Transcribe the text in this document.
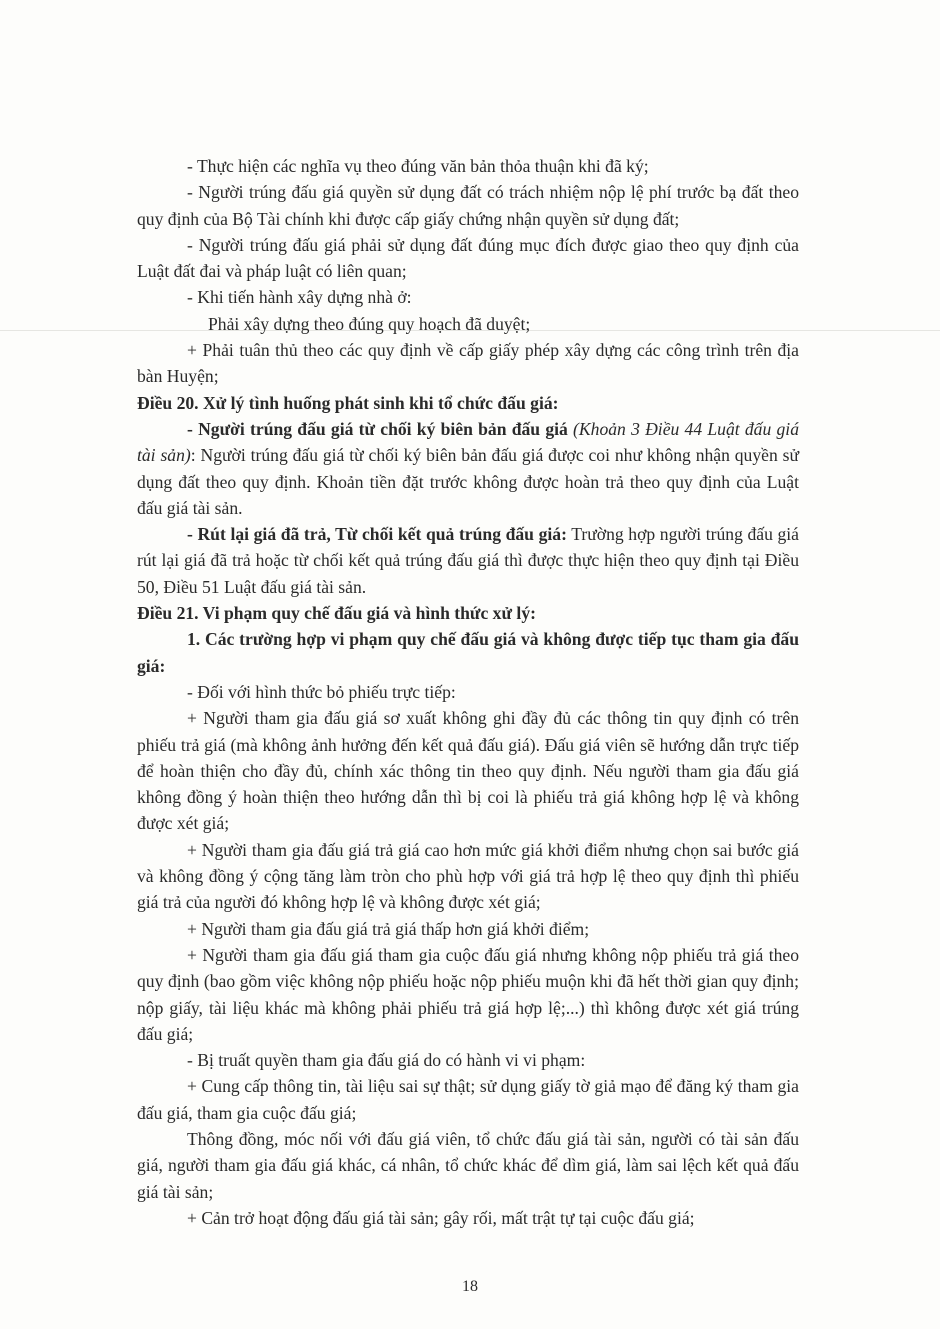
- Thực hiện các nghĩa vụ theo đúng văn bản thỏa thuận khi đã ký;

- Người trúng đấu giá quyền sử dụng đất có trách nhiệm nộp lệ phí trước bạ đất theo quy định của Bộ Tài chính khi được cấp giấy chứng nhận quyền sử dụng đất;

- Người trúng đấu giá phải sử dụng đất đúng mục đích được giao theo quy định của Luật đất đai và pháp luật có liên quan;

- Khi tiến hành xây dựng nhà ở:

Phải xây dựng theo đúng quy hoạch đã duyệt;

+ Phải tuân thủ theo các quy định về cấp giấy phép xây dựng các công trình trên địa bàn Huyện;

Điều 20. Xử lý tình huống phát sinh khi tổ chức đấu giá:

- Người trúng đấu giá từ chối ký biên bản đấu giá (Khoản 3 Điều 44 Luật đấu giá tài sản): Người trúng đấu giá từ chối ký biên bản đấu giá được coi như không nhận quyền sử dụng đất theo quy định. Khoản tiền đặt trước không được hoàn trả theo quy định của Luật đấu giá tài sản.

- Rút lại giá đã trả, Từ chối kết quả trúng đấu giá: Trường hợp người trúng đấu giá rút lại giá đã trả hoặc từ chối kết quả trúng đấu giá thì được thực hiện theo quy định tại Điều 50, Điều 51 Luật đấu giá tài sản.

Điều 21. Vi phạm quy chế đấu giá và hình thức xử lý:

1. Các trường hợp vi phạm quy chế đấu giá và không được tiếp tục tham gia đấu giá:

- Đối với hình thức bỏ phiếu trực tiếp:

+ Người tham gia đấu giá sơ xuất không ghi đầy đủ các thông tin quy định có trên phiếu trả giá (mà không ảnh hưởng đến kết quả đấu giá). Đấu giá viên sẽ hướng dẫn trực tiếp để hoàn thiện cho đầy đủ, chính xác thông tin theo quy định. Nếu người tham gia đấu giá không đồng ý hoàn thiện theo hướng dẫn thì bị coi là phiếu trả giá không hợp lệ và không được xét giá;

+ Người tham gia đấu giá trả giá cao hơn mức giá khởi điểm nhưng chọn sai bước giá và không đồng ý cộng tăng làm tròn cho phù hợp với giá trả hợp lệ theo quy định thì phiếu giá trả của người đó không hợp lệ và không được xét giá;

+ Người tham gia đấu giá trả giá thấp hơn giá khởi điểm;

+ Người tham gia đấu giá tham gia cuộc đấu giá nhưng không nộp phiếu trả giá theo quy định (bao gồm việc không nộp phiếu hoặc nộp phiếu muộn khi đã hết thời gian quy định; nộp giấy, tài liệu khác mà không phải phiếu trả giá hợp lệ;...) thì không được xét giá trúng đấu giá;

- Bị truất quyền tham gia đấu giá do có hành vi vi phạm:

+ Cung cấp thông tin, tài liệu sai sự thật; sử dụng giấy tờ giả mạo để đăng ký tham gia đấu giá, tham gia cuộc đấu giá;

Thông đồng, móc nối với đấu giá viên, tổ chức đấu giá tài sản, người có tài sản đấu giá, người tham gia đấu giá khác, cá nhân, tổ chức khác để dìm giá, làm sai lệch kết quả đấu giá tài sản;

+ Cản trở hoạt động đấu giá tài sản; gây rối, mất trật tự tại cuộc đấu giá;

18
